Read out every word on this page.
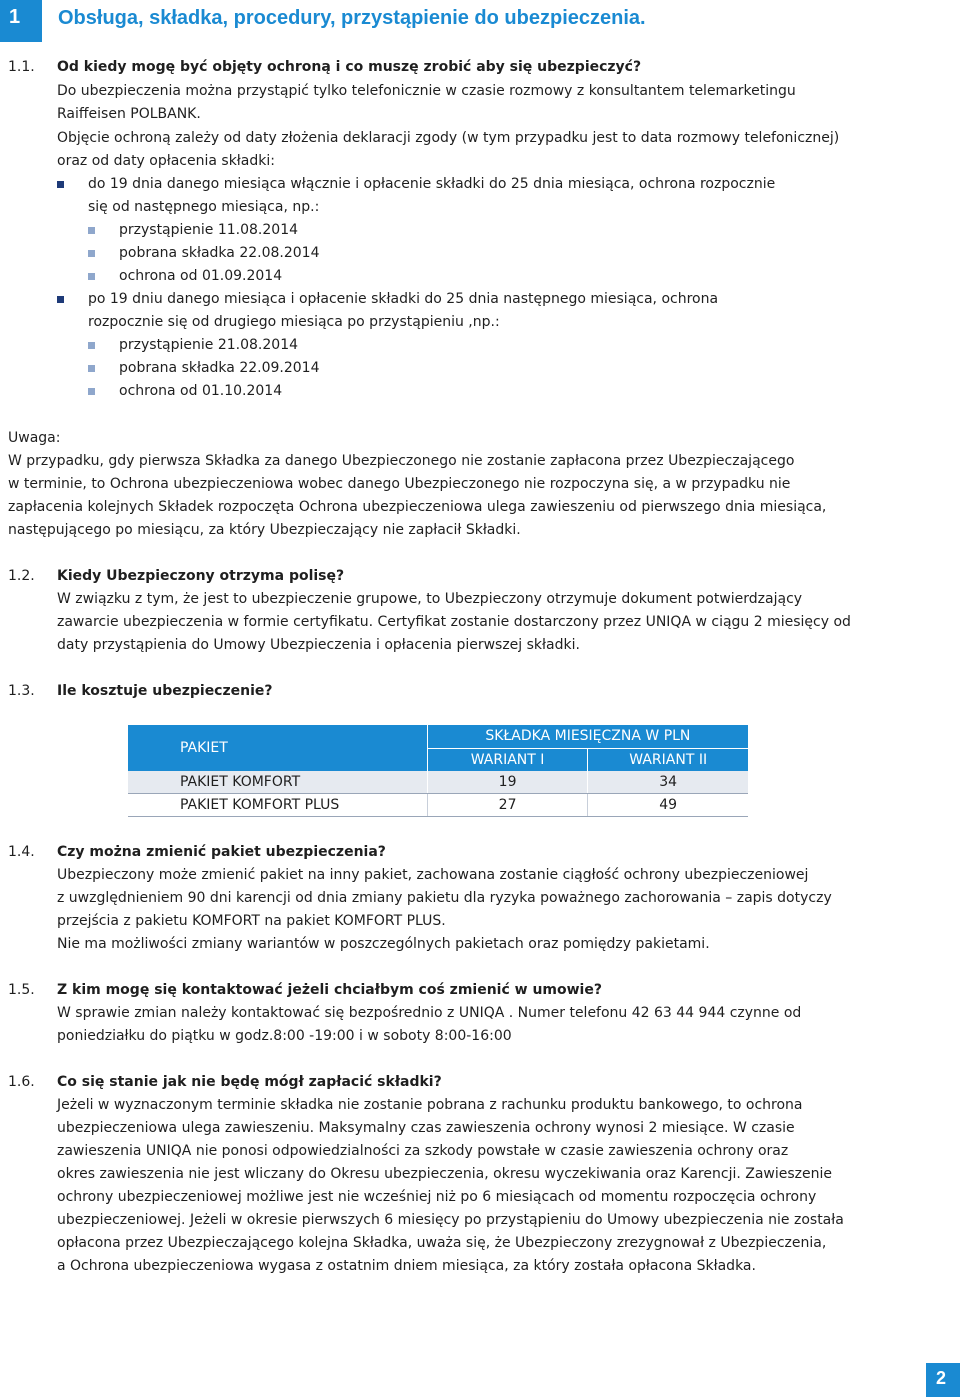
1 Obsługa, składka, procedury, przystąpienie do ubezpieczenia.
1.1. Od kiedy mogę być objęty ochroną i co muszę zrobić aby się ubezpieczyć?
Do ubezpieczenia można przystąpić tylko telefonicznie w czasie rozmowy z konsultantem telemarketingu
Raiffeisen POLBANK.
Objęcie ochroną zależy od daty złożenia deklaracji zgody (w tym przypadku jest to data rozmowy telefonicznej)
oraz od daty opłacenia składki:
do 19 dnia danego miesiąca włącznie i opłacenie składki do 25 dnia miesiąca, ochrona rozpocznie
się od następnego miesiąca, np.:
przystąpienie 11.08.2014
pobrana składka 22.08.2014
ochrona od 01.09.2014
po 19 dniu danego miesiąca i opłacenie składki do 25 dnia następnego miesiąca, ochrona
rozpocznie się od drugiego miesiąca po przystąpieniu ,np.:
przystąpienie 21.08.2014
pobrana składka 22.09.2014
ochrona od 01.10.2014
Uwaga:
W przypadku, gdy pierwsza Składka za danego Ubezpieczonego nie zostanie zapłacona przez Ubezpieczającego
w terminie, to Ochrona ubezpieczeniowa wobec danego Ubezpieczonego nie rozpoczyna się, a w przypadku nie
zapłacenia kolejnych Składek rozpoczęta Ochrona ubezpieczeniowa ulega zawieszeniu od pierwszego dnia miesiąca,
następującego po miesiącu, za który Ubezpieczający nie zapłacił Składki.
1.2. Kiedy Ubezpieczony otrzyma polisę?
W związku z tym, że jest to ubezpieczenie grupowe, to Ubezpieczony otrzymuje dokument potwierdzający
zawarcie ubezpieczenia w formie certyfikatu. Certyfikat zostanie dostarczony przez UNIQA w ciągu 2 miesięcy od
daty przystąpienia do Umowy Ubezpieczenia i opłacenia pierwszej składki.
1.3. Ile kosztuje ubezpieczenie?
PAKIET	SKŁADKA MIESIĘCZNA W PLN	
	WARIANT I	WARIANT II
PAKIET KOMFORT	19	34
PAKIET KOMFORT PLUS	27	49
1.4. Czy można zmienić pakiet ubezpieczenia?
Ubezpieczony może zmienić pakiet na inny pakiet, zachowana zostanie ciągłość ochrony ubezpieczeniowej
z uwzględnieniem 90 dni karencji od dnia zmiany pakietu dla ryzyka poważnego zachorowania – zapis dotyczy
przejścia z pakietu KOMFORT na pakiet KOMFORT PLUS.
Nie ma możliwości zmiany wariantów w poszczególnych pakietach oraz pomiędzy pakietami.
1.5. Z kim mogę się kontaktować jeżeli chciałbym coś zmienić w umowie?
W sprawie zmian należy kontaktować się bezpośrednio z UNIQA . Numer telefonu 42 63 44 944 czynne od
poniedziałku do piątku w godz.8:00 -19:00 i w soboty 8:00-16:00
1.6. Co się stanie jak nie będę mógł zapłacić składki?
Jeżeli w wyznaczonym terminie składka nie zostanie pobrana z rachunku produktu bankowego, to ochrona
ubezpieczeniowa ulega zawieszeniu. Maksymalny czas zawieszenia ochrony wynosi 2 miesiące. W czasie
zawieszenia UNIQA nie ponosi odpowiedzialności za szkody powstałe w czasie zawieszenia ochrony oraz
okres zawieszenia nie jest wliczany do Okresu ubezpieczenia, okresu wyczekiwania oraz Karencji. Zawieszenie
ochrony ubezpieczeniowej możliwe jest nie wcześniej niż po 6 miesiącach od momentu rozpoczęcia ochrony
ubezpieczeniowej. Jeżeli w okresie pierwszych 6 miesięcy po przystąpieniu do Umowy ubezpieczenia nie została
opłacona przez Ubezpieczającego kolejna Składka, uważa się, że Ubezpieczony zrezygnował z Ubezpieczenia,
a Ochrona ubezpieczeniowa wygasa z ostatnim dniem miesiąca, za który została opłacona Składka.
2
